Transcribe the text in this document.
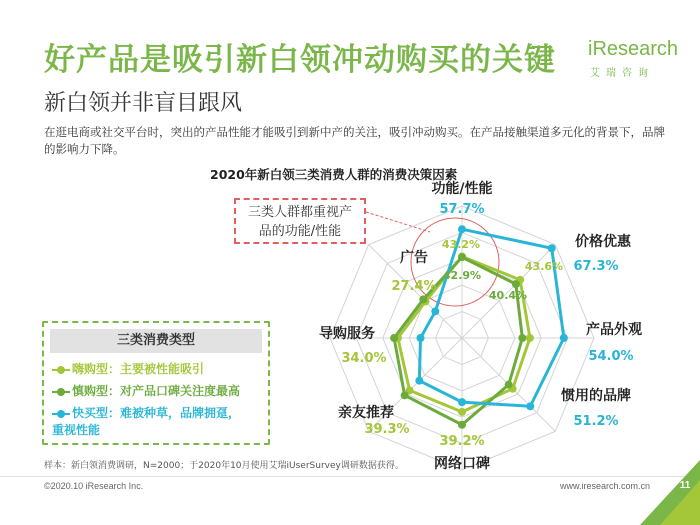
好产品是吸引新白领冲动购买的关键
新白领并非盲目跟风
iResearch
艾瑞咨询
在逛电商或社交平台时，突出的产品性能才能吸引到新中产的关注，吸引冲动购买。在产品接触渠道多元化的背景下，品牌的影响力下降。
2020年新白领三类消费人群的消费决策因素
功能/性能
价格优惠
产品外观
惯用的品牌
网络口碑
亲友推荐
导购服务
广告
57.7%
43.2%
42.9%
67.3%
43.6%
40.4%
54.0%
51.2%
39.2%
39.3%
34.0%
27.4%
三类人群都重视产
品的功能/性能
三类消费类型
嗨购型：主要被性能吸引
慎购型：对产品口碑关注度最高
快买型：难被种草，品牌拥趸，
重视性能
样本：新白领消费调研，N=2000；于2020年10月使用艾瑞iUserSurvey调研数据获得。
©2020.10 iResearch Inc.	www.iresearch.com.cn	11
